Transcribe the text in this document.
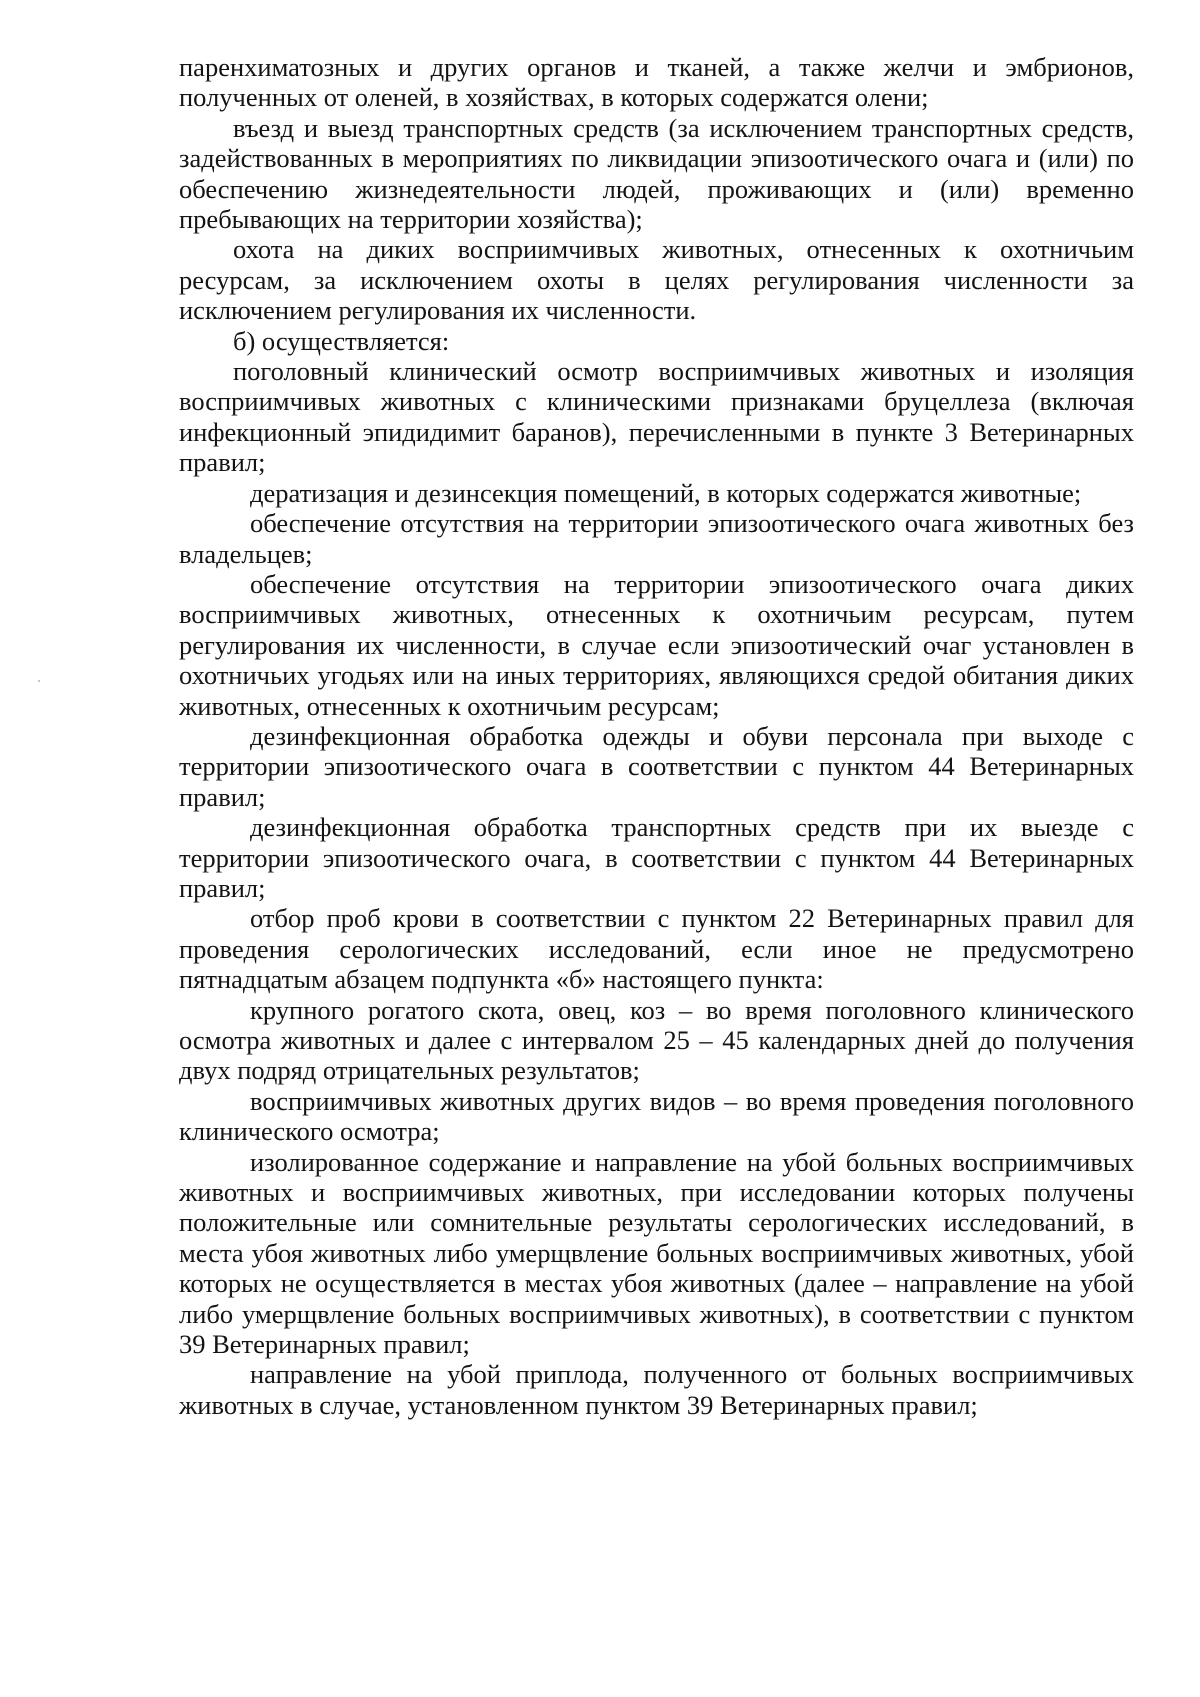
паренхиматозных и других органов и тканей, а также желчи и эмбрионов, полученных от оленей, в хозяйствах, в которых содержатся олени;

въезд и выезд транспортных средств (за исключением транспортных средств, задействованных в мероприятиях по ликвидации эпизоотического очага и (или) по обеспечению жизнедеятельности людей, проживающих и (или) временно пребывающих на территории хозяйства);

охота на диких восприимчивых животных, отнесенных к охотничьим ресурсам, за исключением охоты в целях регулирования численности за исключением регулирования их численности.

б) осуществляется:

поголовный клинический осмотр восприимчивых животных и изоляция восприимчивых животных с клиническими признаками бруцеллеза (включая инфекционный эпидидимит баранов), перечисленными в пункте 3 Ветеринарных правил;

дератизация и дезинсекция помещений, в которых содержатся животные;

обеспечение отсутствия на территории эпизоотического очага животных без владельцев;

обеспечение отсутствия на территории эпизоотического очага диких восприимчивых животных, отнесенных к охотничьим ресурсам, путем регулирования их численности, в случае если эпизоотический очаг установлен в охотничьих угодьях или на иных территориях, являющихся средой обитания диких животных, отнесенных к охотничьим ресурсам;

дезинфекционная обработка одежды и обуви персонала при выходе с территории эпизоотического очага в соответствии с пунктом 44 Ветеринарных правил;

дезинфекционная обработка транспортных средств при их выезде с территории эпизоотического очага, в соответствии с пунктом 44 Ветеринарных правил;

отбор проб крови в соответствии с пунктом 22 Ветеринарных правил для проведения серологических исследований, если иное не предусмотрено пятнадцатым абзацем подпункта «б» настоящего пункта:

крупного рогатого скота, овец, коз – во время поголовного клинического осмотра животных и далее с интервалом 25 – 45 календарных дней до получения двух подряд отрицательных результатов;

восприимчивых животных других видов – во время проведения поголовного клинического осмотра;

изолированное содержание и направление на убой больных восприимчивых животных и восприимчивых животных, при исследовании которых получены положительные или сомнительные результаты серологических исследований, в места убоя животных либо умерщвление больных восприимчивых животных, убой которых не осуществляется в местах убоя животных (далее – направление на убой либо умерщвление больных восприимчивых животных), в соответствии с пунктом 39 Ветеринарных правил;

направление на убой приплода, полученного от больных восприимчивых животных в случае, установленном пунктом 39 Ветеринарных правил;
